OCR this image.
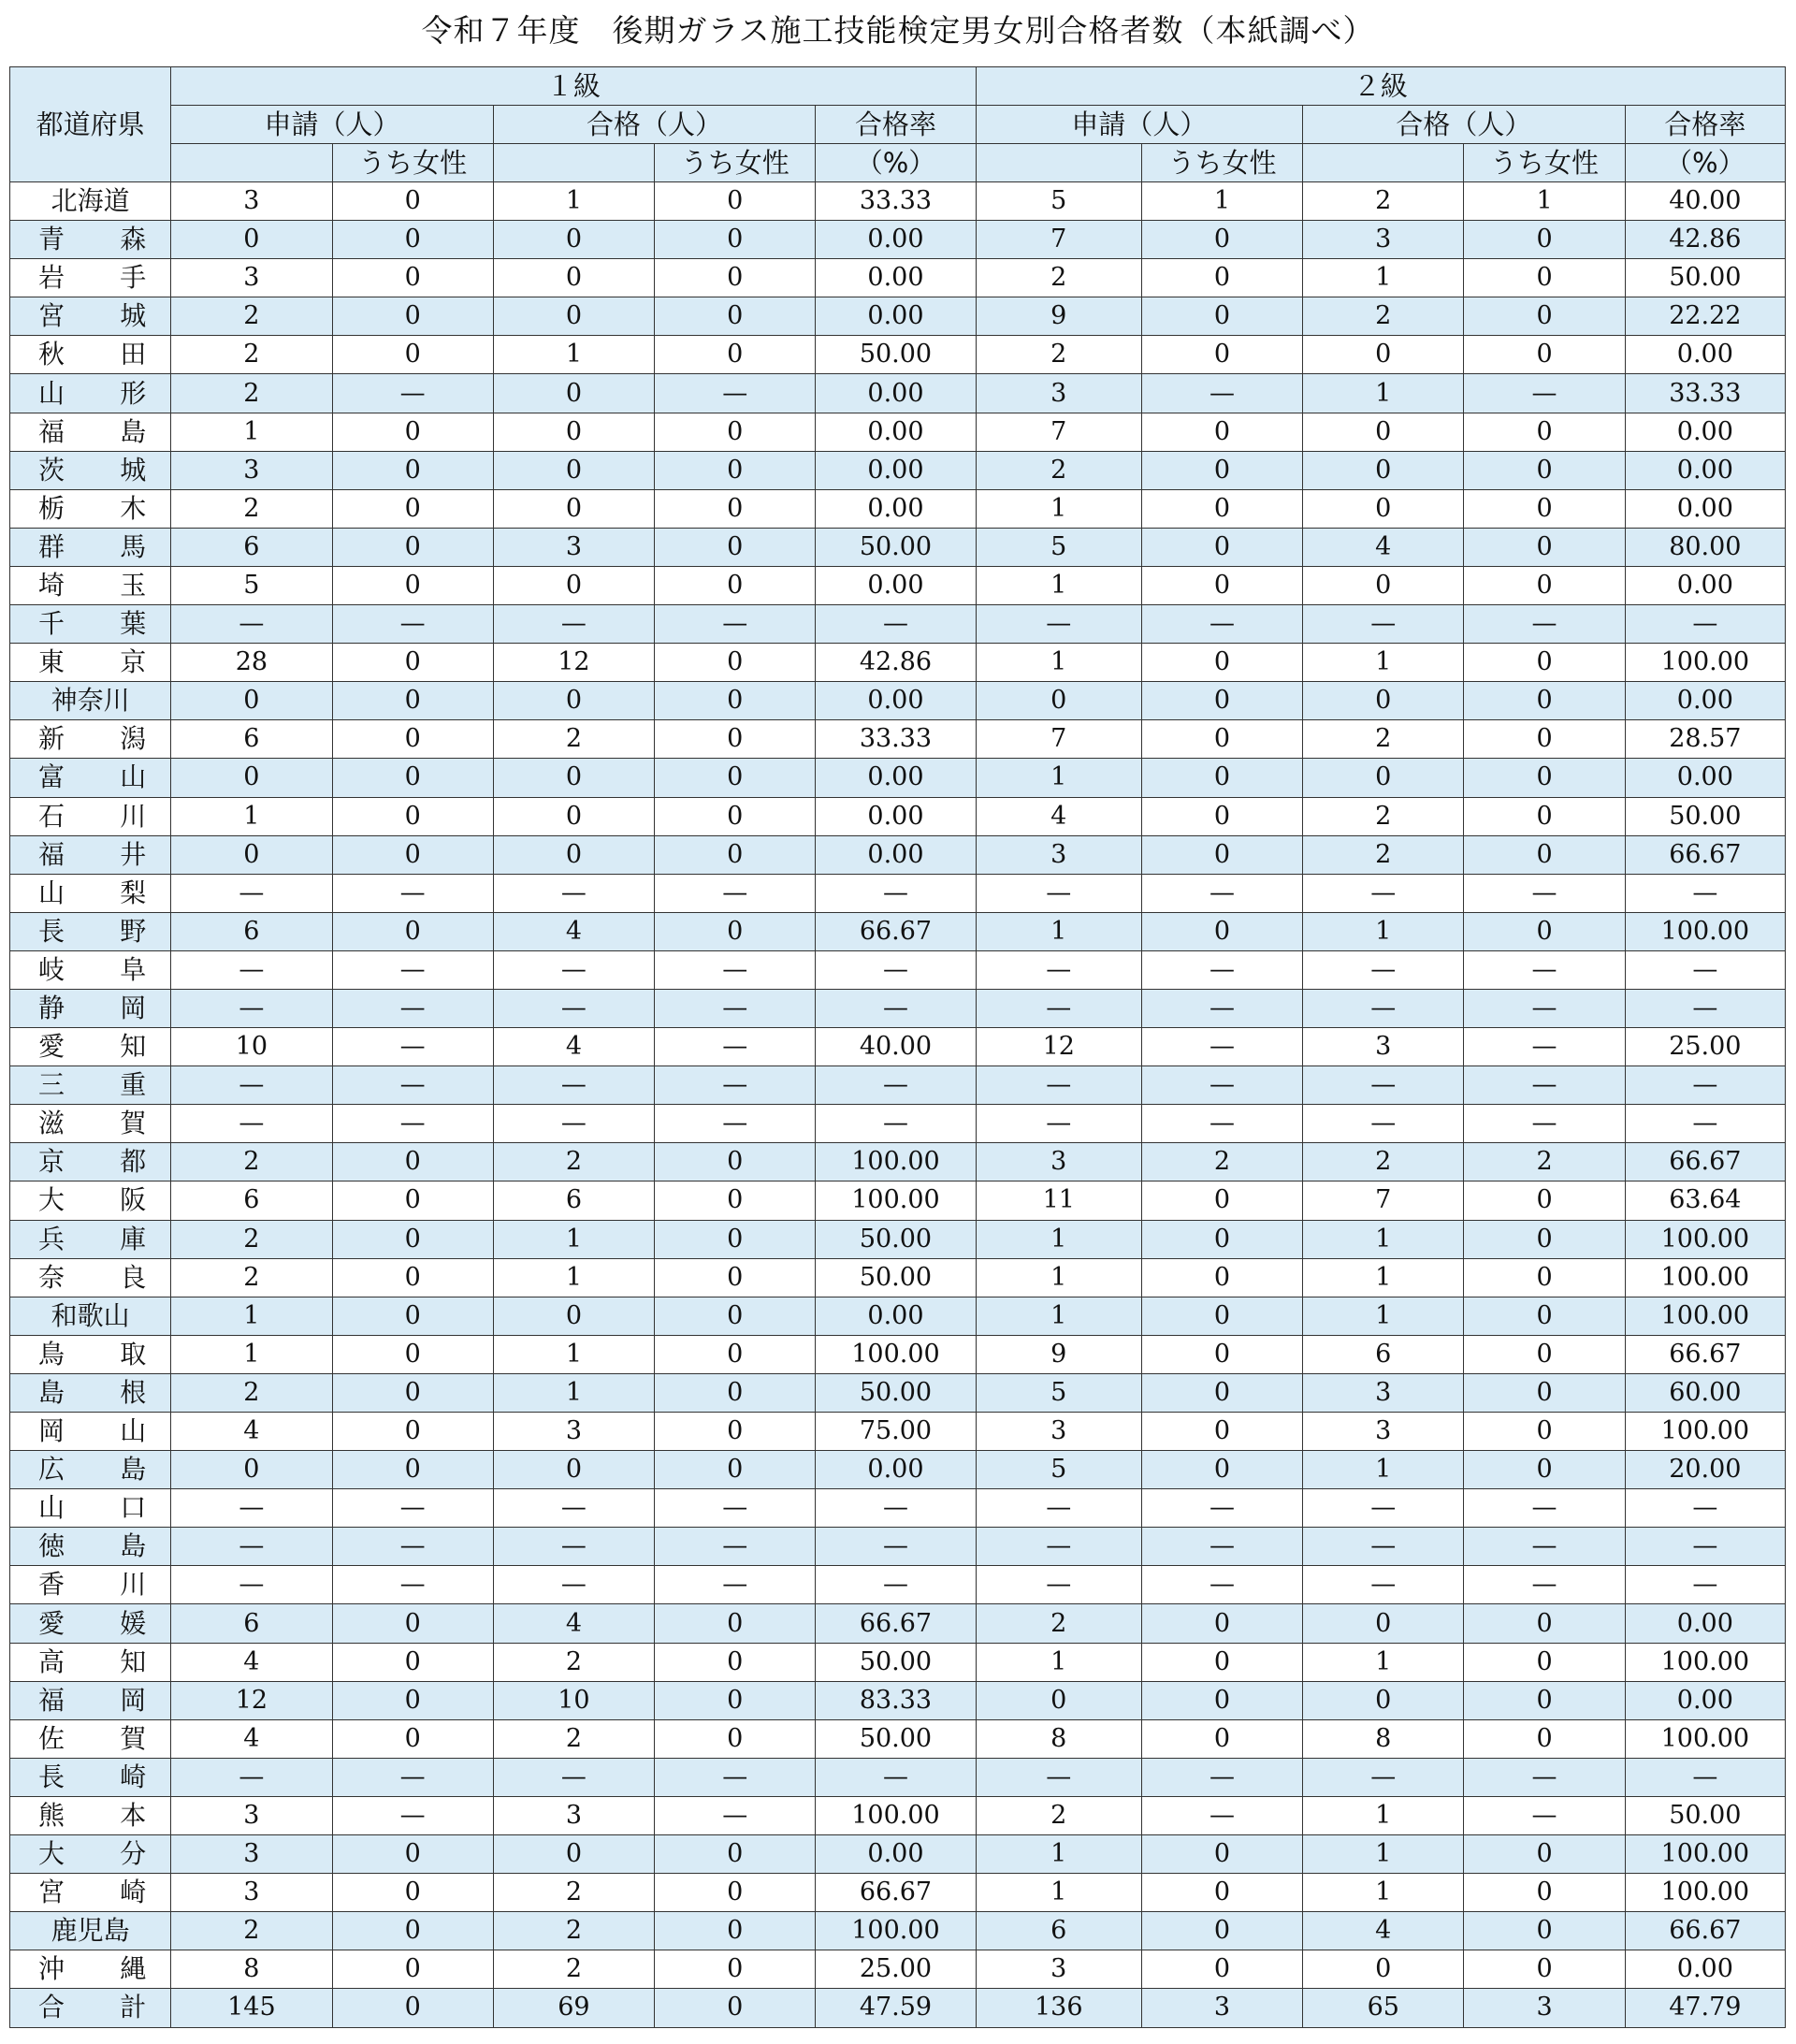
令和７年度　後期ガラス施工技能検定男女別合格者数（本紙調べ）
都道府県	１級					２級				
	申請（人）		合格（人）		合格率	申請（人）		合格（人）		合格率
		うち女性		うち女性	（%）		うち女性		うち女性	（%）
北海道	3	0	1	0	33.33	5	1	2	1	40.00
青　森	0	0	0	0	0.00	7	0	3	0	42.86
岩　手	3	0	0	0	0.00	2	0	1	0	50.00
宮　城	2	0	0	0	0.00	9	0	2	0	22.22
秋　田	2	0	1	0	50.00	2	0	0	0	0.00
山　形	2	—	0	—	0.00	3	—	1	—	33.33
福　島	1	0	0	0	0.00	7	0	0	0	0.00
茨　城	3	0	0	0	0.00	2	0	0	0	0.00
栃　木	2	0	0	0	0.00	1	0	0	0	0.00
群　馬	6	0	3	0	50.00	5	0	4	0	80.00
埼　玉	5	0	0	0	0.00	1	0	0	0	0.00
千　葉	—	—	—	—	—	—	—	—	—	—
東　京	28	0	12	0	42.86	1	0	1	0	100.00
神奈川	0	0	0	0	0.00	0	0	0	0	0.00
新　潟	6	0	2	0	33.33	7	0	2	0	28.57
富　山	0	0	0	0	0.00	1	0	0	0	0.00
石　川	1	0	0	0	0.00	4	0	2	0	50.00
福　井	0	0	0	0	0.00	3	0	2	0	66.67
山　梨	—	—	—	—	—	—	—	—	—	—
長　野	6	0	4	0	66.67	1	0	1	0	100.00
岐　阜	—	—	—	—	—	—	—	—	—	—
静　岡	—	—	—	—	—	—	—	—	—	—
愛　知	10	—	4	—	40.00	12	—	3	—	25.00
三　重	—	—	—	—	—	—	—	—	—	—
滋　賀	—	—	—	—	—	—	—	—	—	—
京　都	2	0	2	0	100.00	3	2	2	2	66.67
大　阪	6	0	6	0	100.00	11	0	7	0	63.64
兵　庫	2	0	1	0	50.00	1	0	1	0	100.00
奈　良	2	0	1	0	50.00	1	0	1	0	100.00
和歌山	1	0	0	0	0.00	1	0	1	0	100.00
鳥　取	1	0	1	0	100.00	9	0	6	0	66.67
島　根	2	0	1	0	50.00	5	0	3	0	60.00
岡　山	4	0	3	0	75.00	3	0	3	0	100.00
広　島	0	0	0	0	0.00	5	0	1	0	20.00
山　口	—	—	—	—	—	—	—	—	—	—
徳　島	—	—	—	—	—	—	—	—	—	—
香　川	—	—	—	—	—	—	—	—	—	—
愛　媛	6	0	4	0	66.67	2	0	0	0	0.00
高　知	4	0	2	0	50.00	1	0	1	0	100.00
福　岡	12	0	10	0	83.33	0	0	0	0	0.00
佐　賀	4	0	2	0	50.00	8	0	8	0	100.00
長　崎	—	—	—	—	—	—	—	—	—	—
熊　本	3	—	3	—	100.00	2	—	1	—	50.00
大　分	3	0	0	0	0.00	1	0	1	0	100.00
宮　崎	3	0	2	0	66.67	1	0	1	0	100.00
鹿児島	2	0	2	0	100.00	6	0	4	0	66.67
沖　縄	8	0	2	0	25.00	3	0	0	0	0.00
合　計	145	0	69	0	47.59	136	3	65	3	47.79
